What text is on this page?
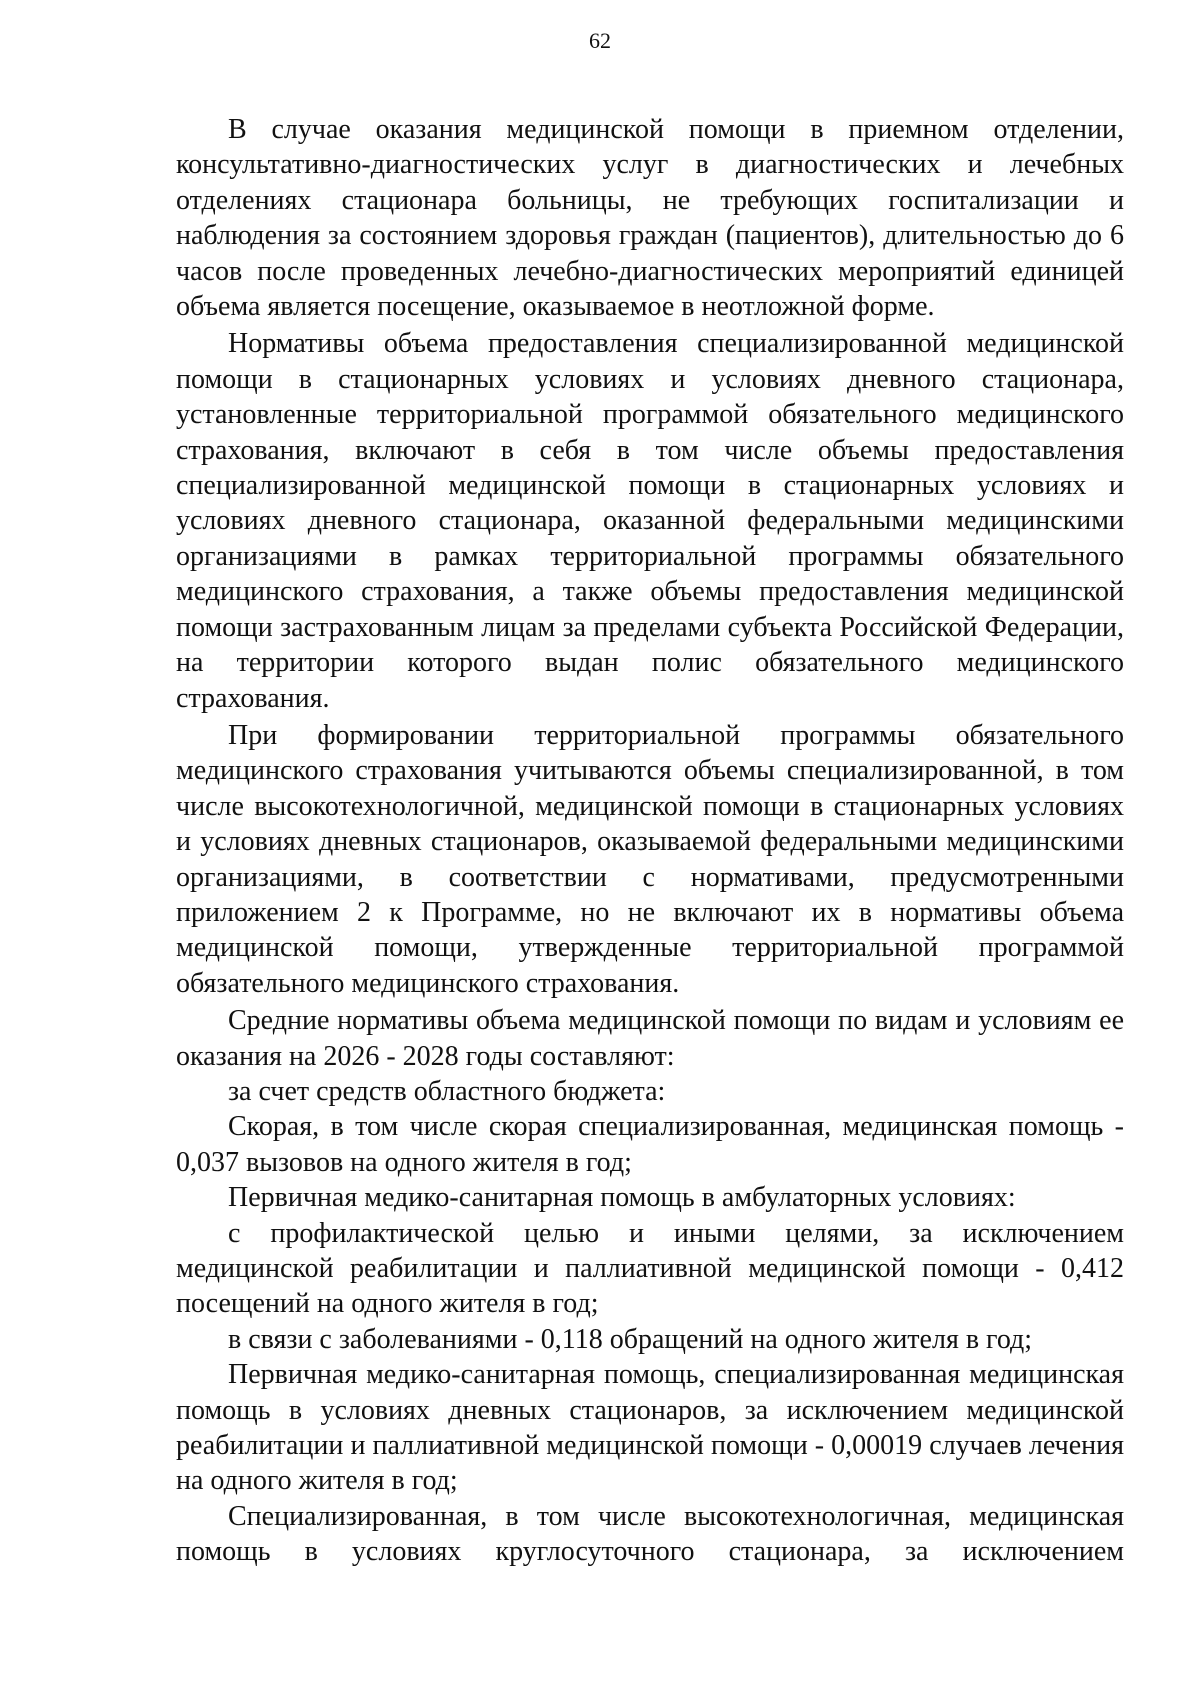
62

В случае оказания медицинской помощи в приемном отделении, консультативно-диагностических услуг в диагностических и лечебных отделениях стационара больницы, не требующих госпитализации и наблюдения за состоянием здоровья граждан (пациентов), длительностью до 6 часов после проведенных лечебно-диагностических мероприятий единицей объема является посещение, оказываемое в неотложной форме.

Нормативы объема предоставления специализированной медицинской помощи в стационарных условиях и условиях дневного стационара, установленные территориальной программой обязательного медицинского страхования, включают в себя в том числе объемы предоставления специализированной медицинской помощи в стационарных условиях и условиях дневного стационара, оказанной федеральными медицинскими организациями в рамках территориальной программы обязательного медицинского страхования, а также объемы предоставления медицинской помощи застрахованным лицам за пределами субъекта Российской Федерации, на территории которого выдан полис обязательного медицинского страхования.

При формировании территориальной программы обязательного медицинского страхования учитываются объемы специализированной, в том числе высокотехнологичной, медицинской помощи в стационарных условиях и условиях дневных стационаров, оказываемой федеральными медицинскими организациями, в соответствии с нормативами, предусмотренными приложением 2 к Программе, но не включают их в нормативы объема медицинской помощи, утвержденные территориальной программой обязательного медицинского страхования.

Средние нормативы объема медицинской помощи по видам и условиям ее оказания на 2026 - 2028 годы составляют:

за счет средств областного бюджета:

Скорая, в том числе скорая специализированная, медицинская помощь - 0,037 вызовов на одного жителя в год;

Первичная медико-санитарная помощь в амбулаторных условиях:

с профилактической целью и иными целями, за исключением медицинской реабилитации и паллиативной медицинской помощи - 0,412 посещений на одного жителя в год;

в связи с заболеваниями - 0,118 обращений на одного жителя в год;

Первичная медико-санитарная помощь, специализированная медицинская помощь в условиях дневных стационаров, за исключением медицинской реабилитации и паллиативной медицинской помощи - 0,00019 случаев лечения на одного жителя в год;

Специализированная, в том числе высокотехнологичная, медицинская помощь в условиях круглосуточного стационара, за исключением
